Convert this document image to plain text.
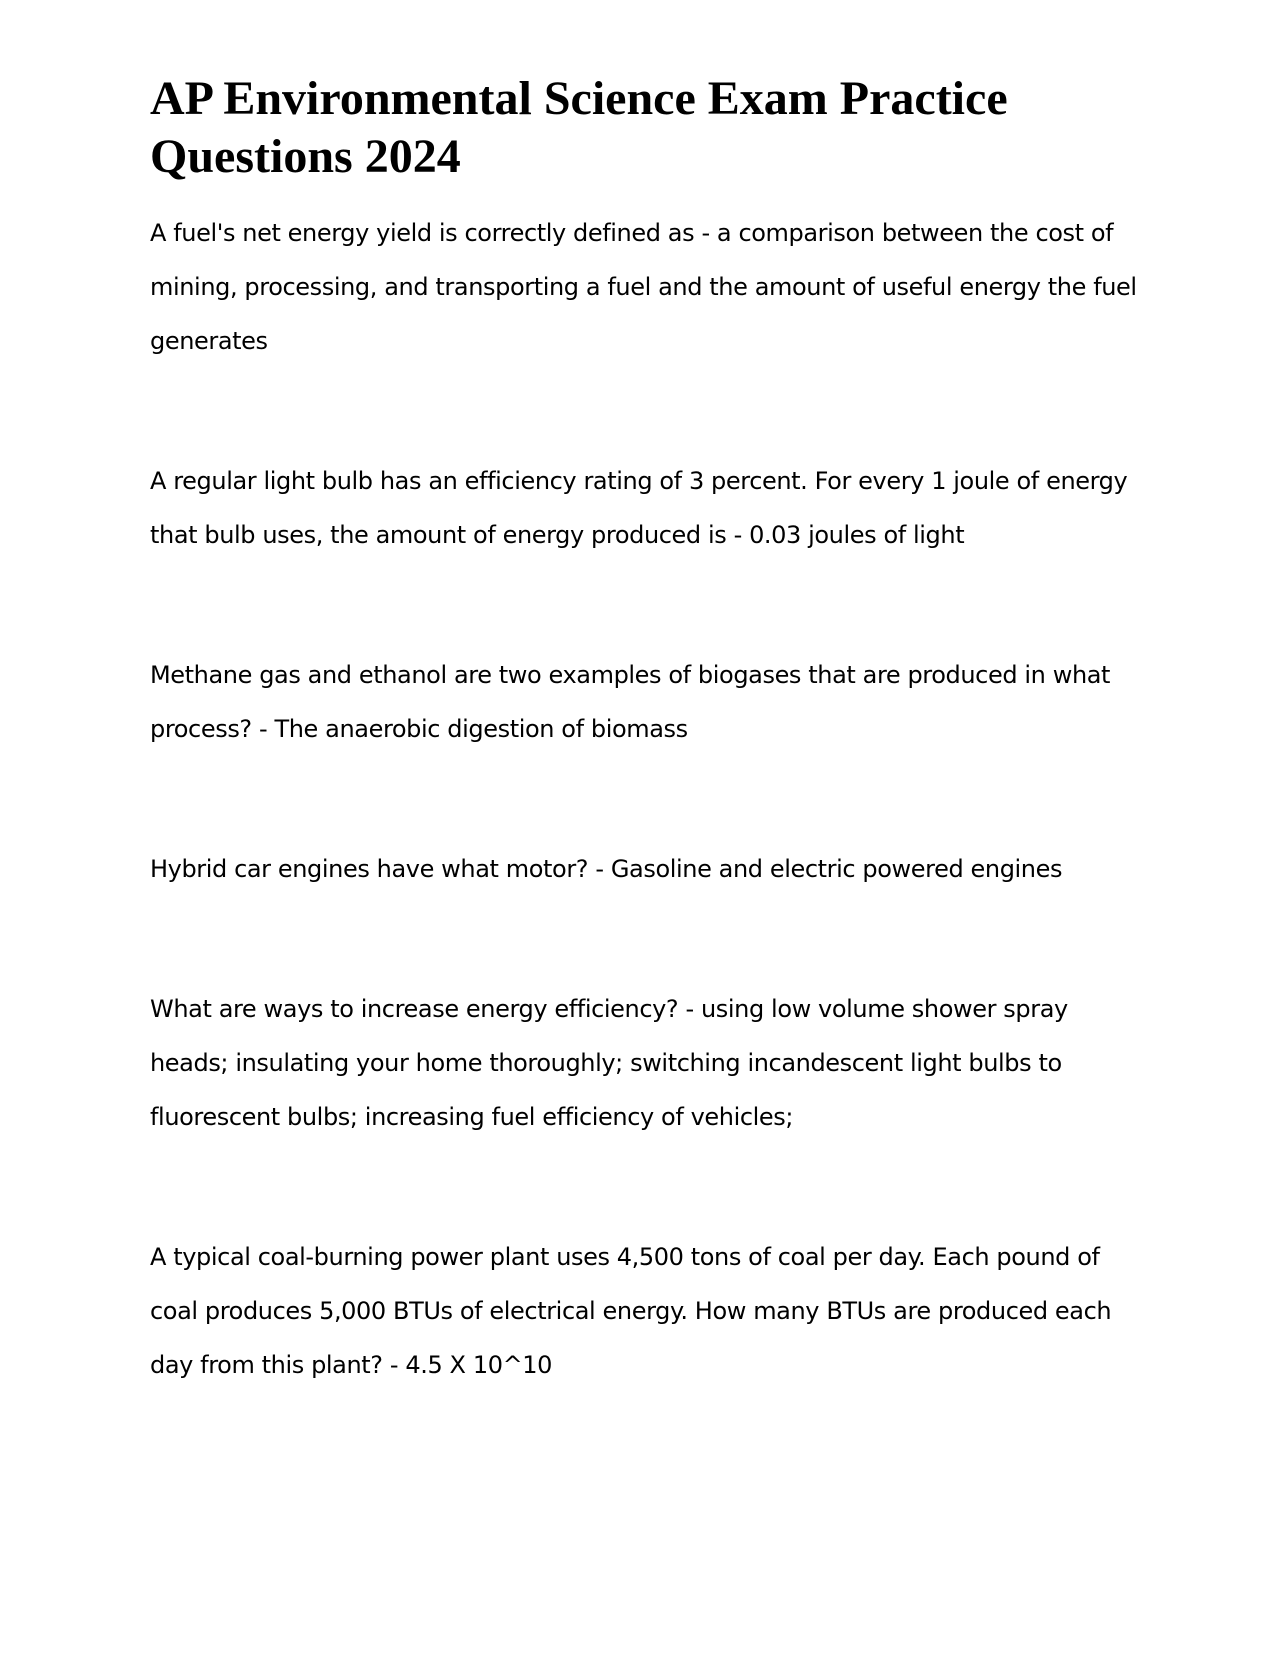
AP Environmental Science Exam Practice Questions 2024

A fuel's net energy yield is correctly defined as - a comparison between the cost of mining, processing, and transporting a fuel and the amount of useful energy the fuel generates

A regular light bulb has an efficiency rating of 3 percent. For every 1 joule of energy that bulb uses, the amount of energy produced is - 0.03 joules of light

Methane gas and ethanol are two examples of biogases that are produced in what process? - The anaerobic digestion of biomass

Hybrid car engines have what motor? - Gasoline and electric powered engines

What are ways to increase energy efficiency? - using low volume shower spray heads; insulating your home thoroughly; switching incandescent light bulbs to fluorescent bulbs; increasing fuel efficiency of vehicles;

A typical coal-burning power plant uses 4,500 tons of coal per day. Each pound of coal produces 5,000 BTUs of electrical energy. How many BTUs are produced each day from this plant? - 4.5 X 10^10
